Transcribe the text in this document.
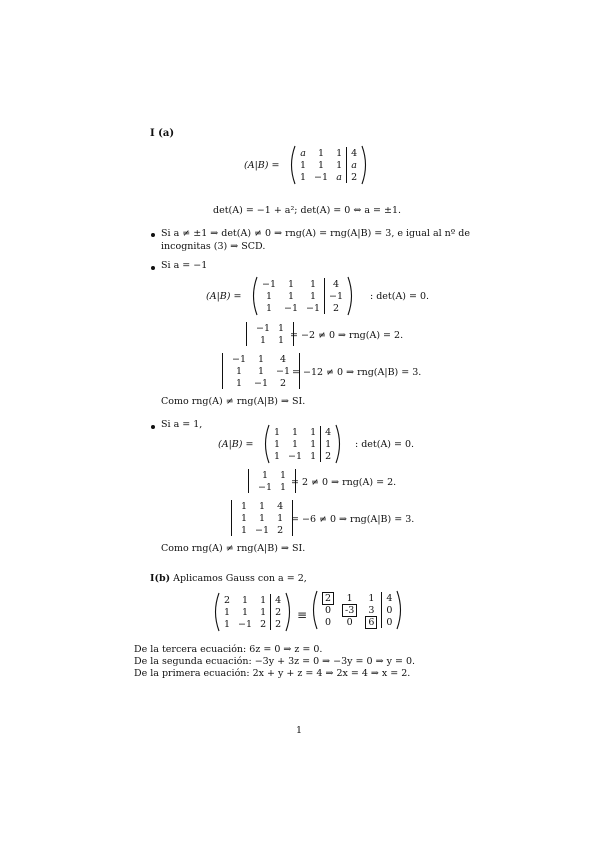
I (a)
(A|B) =
a	1	1	4
1	1	1	a
1	−1	a	2
det(A) = −1 + a²; det(A) = 0 ⇔ a = ±1.
Si a ≠ ±1 ⇒ det(A) ≠ 0 ⇒ rng(A) = rng(A|B) = 3, e igual al nº de
incognitas (3) ⇒ SCD.
Si a = −1
(A|B) =
−1	1	1	4
1	1	1	−1
1	−1	−1	2
: det(A) = 0.
−1	1
1	1 = −2 ≠ 0 ⇒ rng(A) = 2.
−1	1	4
1	1	−1
1	−1	2
= −12 ≠ 0 ⇒ rng(A|B) = 3.
Como rng(A) ≠ rng(A|B) ⇒ SI.
Si a = 1,
(A|B) =
1	1	1	4
1	1	1	1
1	−1	1	2
: det(A) = 0.
1	1
−1	1 = 2 ≠ 0 ⇒ rng(A) = 2.
1	1	4
1	1	1
1	−1	2
= −6 ≠ 0 ⇒ rng(A|B) = 3.
Como rng(A) ≠ rng(A|B) ⇒ SI.
I(b) Aplicamos Gauss con a = 2,
2	1	1	4
1	1	1	2
1	−1	2	2
≡
2	1	1	4
0	-3	3	0
0	0	6	0
De la tercera ecuación: 6z = 0 ⇒ z = 0.
De la segunda ecuación: −3y + 3z = 0 ⇒ −3y = 0 ⇒ y = 0.
De la primera ecuación: 2x + y + z = 4 ⇒ 2x = 4 ⇒ x = 2.
1
